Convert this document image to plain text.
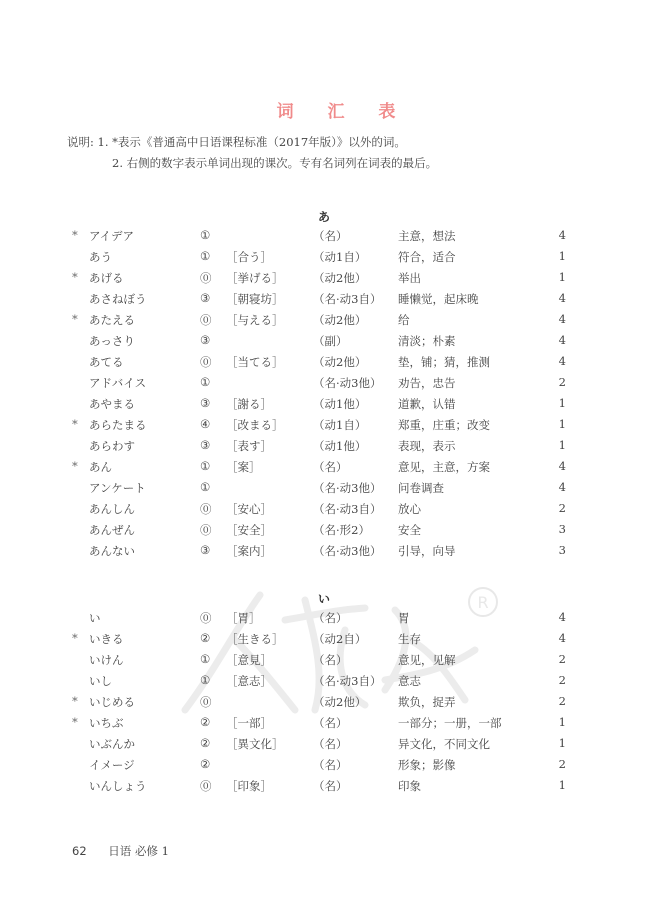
词 汇 表
说明: 1. *表示《普通高中日语课程标准（2017年版）》以外的词。
2. 右侧的数字表示单词出现的课次。专有名词列在词表的最后。
R
あ
* アイデア	①	（名）	主意，想法	4
あう	① ［合う］	（动1自）	符合，适合	1
* あげる	⓪ ［挙げる］	（动2他）	举出	1
あさねぼう	③ ［朝寝坊］	（名·动3自） 睡懒觉，起床晚	4
* あたえる	⓪ ［与える］	（动2他）	给	4
あっさり	③	（副）	清淡；朴素	4
あてる	⓪ ［当てる］	（动2他）	垫，铺；猜，推测	4
アドバイス	①	（名·动3他） 劝告，忠告	2
あやまる	③ ［謝る］	（动1他）	道歉，认错	1
* あらたまる	④ ［改まる］	（动1自）	郑重，庄重；改变	1
あらわす	③ ［表す］	（动1他）	表现，表示	1
* あん	① ［案］	（名）	意见，主意，方案	4
アンケート	①	（名·动3他） 问卷调查	4
あんしん	⓪ ［安心］	（名·动3自） 放心	2
あんぜん	⓪ ［安全］	（名·形2） 安全	3
あんない	③ ［案内］	（名·动3他） 引导，向导	3
い
い	⓪ ［胃］	（名）	胃	4
* いきる	② ［生きる］	（动2自）	生存	4
いけん	① ［意見］	（名）	意见，见解	2
いし	① ［意志］	（名·动3自） 意志	2
* いじめる	⓪	（动2他）	欺负，捉弄	2
* いちぶ	② ［一部］	（名）	一部分；一册，一部	1
いぶんか	② ［異文化］	（名）	异文化，不同文化	1
イメージ	②	（名）	形象；影像	2
いんしょう	⓪ ［印象］	（名）	印象	1
62 日语 必修 1
